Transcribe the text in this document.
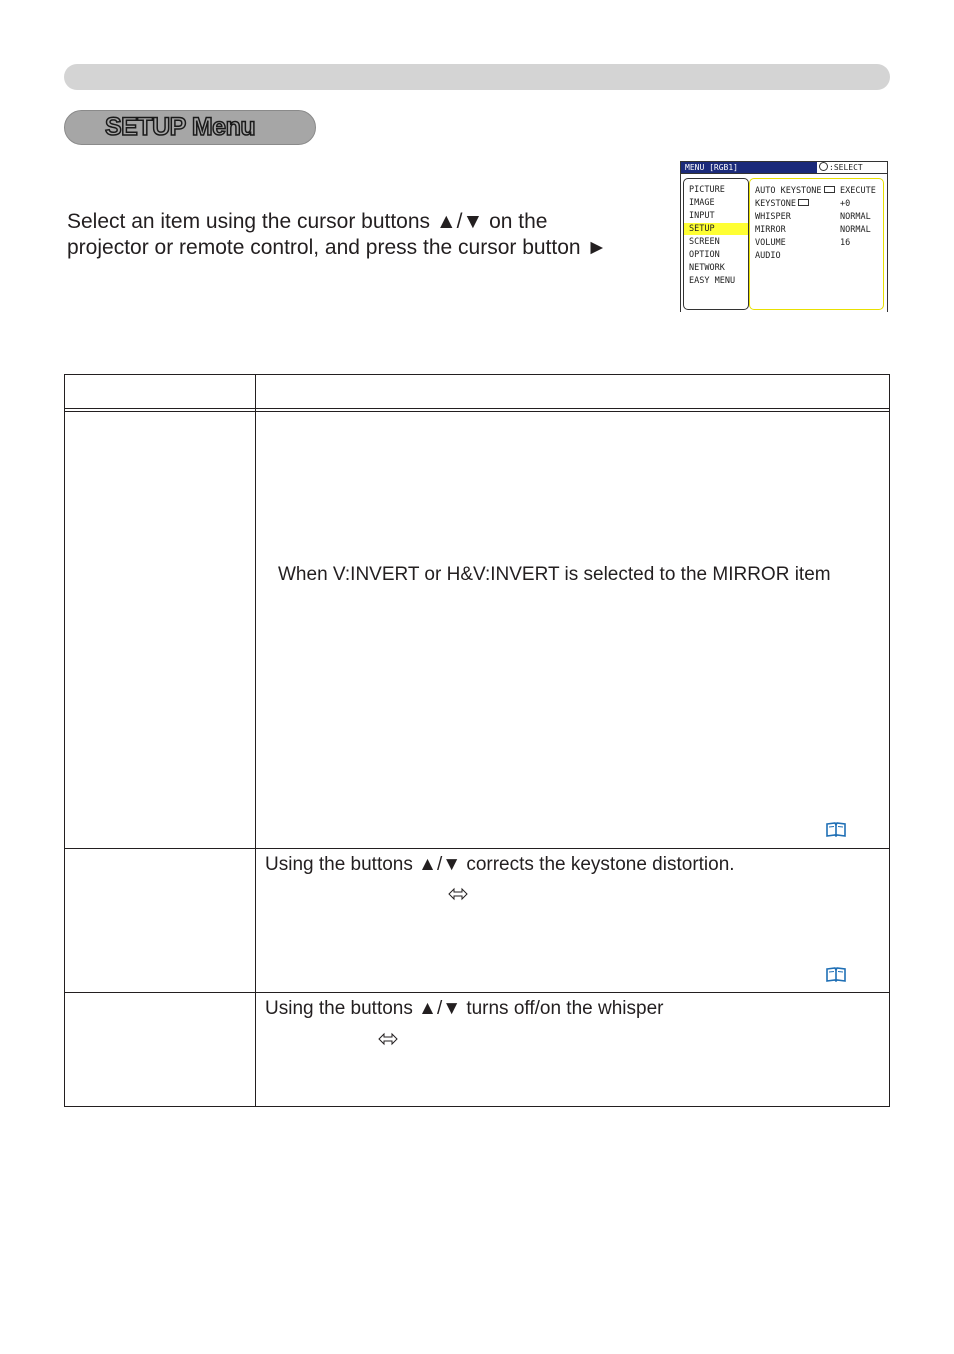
SETUP Menu

Select an item using the cursor buttons ▲/▼ on the

projector or remote control, and press the cursor button ►

MENU [RGB1]	:SELECT
PICTURE
IMAGE
INPUT
SETUP
SCREEN
OPTION
NETWORK
EASY MENU
AUTO KEYSTONE	EXECUTE
KEYSTONE	+0
WHISPER	NORMAL
MIRROR	NORMAL
VOLUME	16
AUDIO
When V:INVERT or H&V:INVERT is selected to the MIRROR item
Using the buttons ▲/▼ corrects the keystone distortion.
Using the buttons ▲/▼ turns off/on the whisper
